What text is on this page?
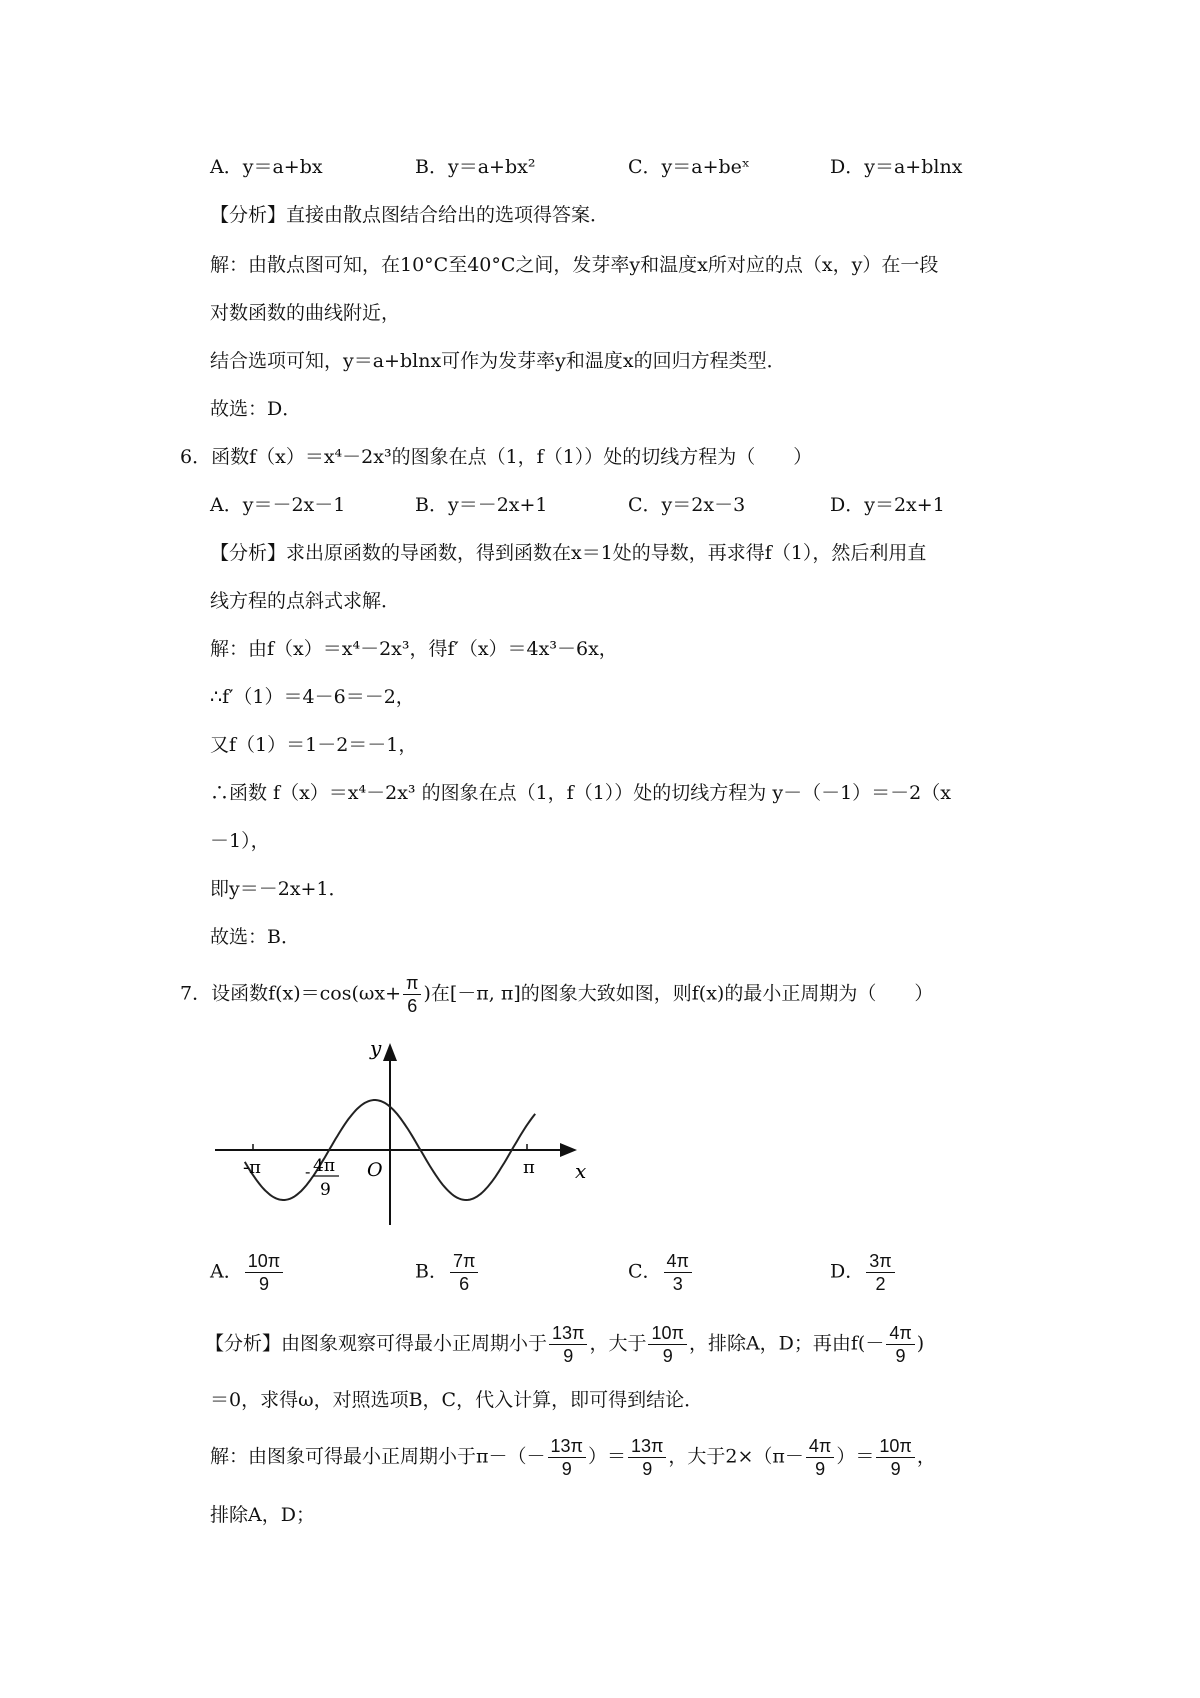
A．y＝a+bx	B．y＝a+bx²	C．y＝a+beˣ	D．y＝a+blnx
【分析】直接由散点图结合给出的选项得答案．
解：由散点图可知，在10°C至40°C之间，发芽率y和温度x所对应的点（x，y）在一段
对数函数的曲线附近，
结合选项可知，y＝a+blnx可作为发芽率y和温度x的回归方程类型．
故选：D．
6．函数f（x）＝x⁴－2x³的图象在点（1，f（1））处的切线方程为（　　）
A．y＝－2x－1	B．y＝－2x+1	C．y＝2x－3	D．y＝2x+1
【分析】求出原函数的导函数，得到函数在x＝1处的导数，再求得f（1），然后利用直
线方程的点斜式求解．
解：由f（x）＝x⁴－2x³，得f′（x）＝4x³－6x，
∴f′（1）＝4－6＝－2，
又f（1）＝1－2＝－1，
∴函数 f（x）＝x⁴－2x³ 的图象在点（1，f（1））处的切线方程为 y－（－1）＝－2（x
－1），
即y＝－2x+1．
故选：B．
7．设函数$f(x)=\cos(\omega x+ \frac{\pi}{6}$ )在[－π, π]的图象大致如图，则f(x)的最小正周期为（　　）
y
x
O
-π	π
- 4π
9
A． $\frac{10\pi}{9}$	B． $\frac{7\pi}{6}$	C． $\frac{4\pi}{3}$	D． $\frac{3\pi}{2}$
【分析】由图象观察可得最小正周期小于 $\frac{13\pi}{9}$ ，大于 $\frac{10\pi}{9}$ ，排除A，D；再由$f(- \frac{4\pi}{9}$ )
＝0，求得ω，对照选项B，C，代入计算，即可得到结论．
解：由图象可得最小正周期小于$\pi-(- \frac{13\pi}{9}$ ）＝ $\frac{13\pi}{9}$ ，大于$2\times(\pi- \frac{4\pi}{9}$ ）＝ $\frac{10\pi}{9}$ ，
排除A，D；
